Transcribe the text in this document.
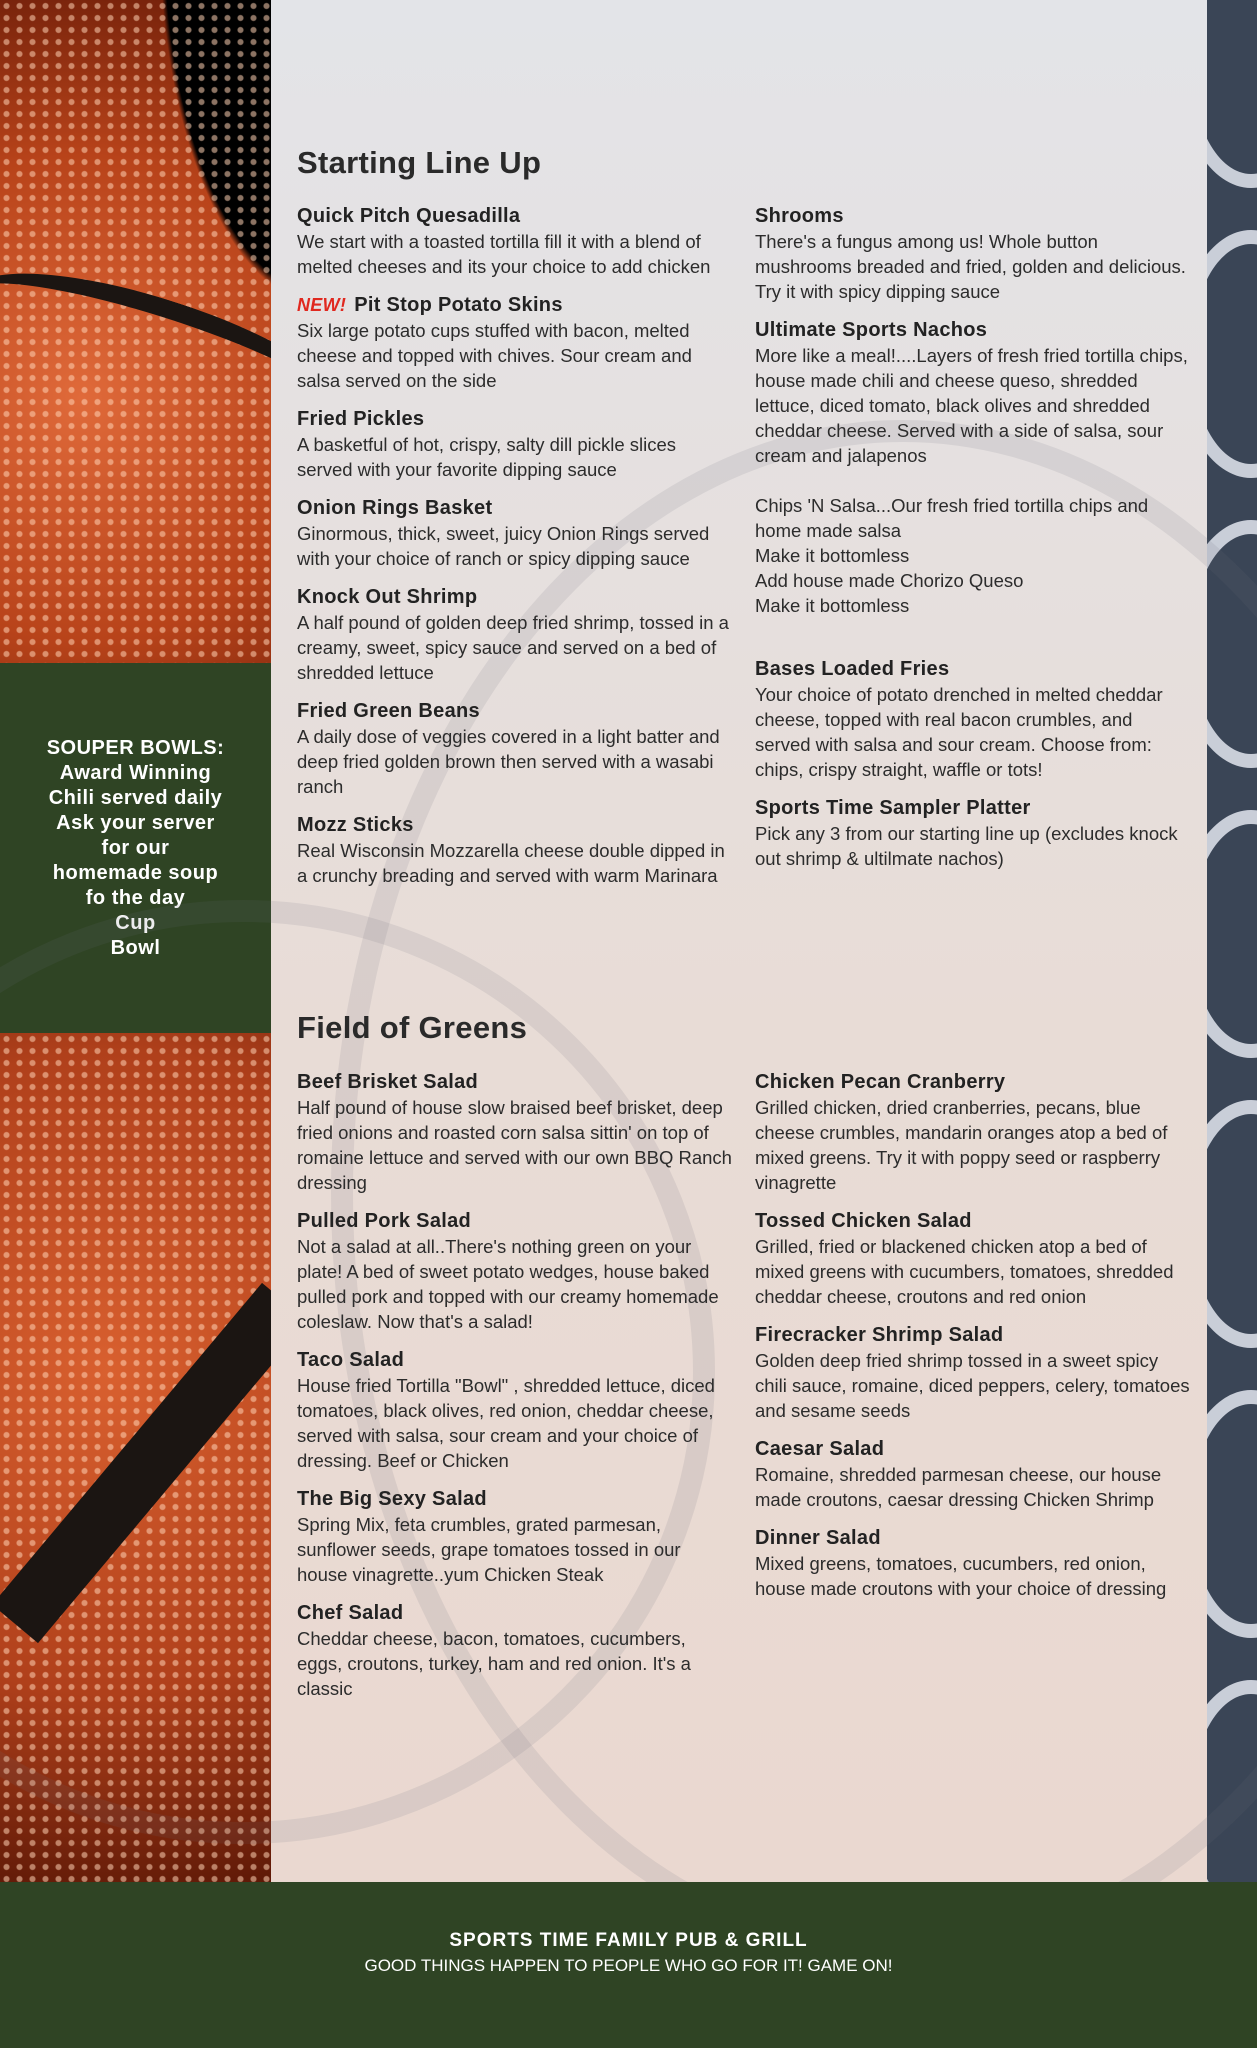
SOUPER BOWLS:
Award Winning
Chili served daily
Ask your server
for our
homemade soup
fo the day
Cup
Bowl
Starting Line Up
Quick Pitch Quesadilla
We start with a toasted tortilla fill it with a blend of melted cheeses and its your choice to add chicken
NEW! Pit Stop Potato Skins
Six large potato cups stuffed with bacon, melted cheese and topped with chives. Sour cream and salsa served on the side
Fried Pickles
A basketful of hot, crispy, salty dill pickle slices served with your favorite dipping sauce
Onion Rings Basket
Ginormous, thick, sweet, juicy Onion Rings served with your choice of ranch or spicy dipping sauce
Knock Out Shrimp
A half pound of golden deep fried shrimp, tossed in a creamy, sweet, spicy sauce and served on a bed of shredded lettuce
Fried Green Beans
A daily dose of veggies covered in a light batter and deep fried golden brown then served with a wasabi ranch
Mozz Sticks
Real Wisconsin Mozzarella cheese double dipped in a crunchy breading and served with warm Marinara
Shrooms
There's a fungus among us! Whole button mushrooms breaded and fried, golden and delicious. Try it with spicy dipping sauce
Ultimate Sports Nachos
More like a meal!....Layers of fresh fried tortilla chips, house made chili and cheese queso, shredded lettuce, diced tomato, black olives and shredded cheddar cheese. Served with a side of salsa, sour cream and jalapenos
Chips 'N Salsa...Our fresh fried tortilla chips and home made salsa
Make it bottomless
Add house made Chorizo Queso
Make it bottomless
Bases Loaded Fries
Your choice of potato drenched in melted cheddar cheese, topped with real bacon crumbles, and served with salsa and sour cream. Choose from: chips, crispy straight, waffle or tots!
Sports Time Sampler Platter
Pick any 3 from our starting line up (excludes knock out shrimp & ultilmate nachos)
Field of Greens
Beef Brisket Salad
Half pound of house slow braised beef brisket, deep fried onions and roasted corn salsa sittin' on top of romaine lettuce and served with our own BBQ Ranch dressing
Pulled Pork Salad
Not a salad at all..There's nothing green on your plate! A bed of sweet potato wedges, house baked pulled pork and topped with our creamy homemade coleslaw. Now that's a salad!
Taco Salad
House fried Tortilla "Bowl" , shredded lettuce, diced tomatoes, black olives, red onion, cheddar cheese, served with salsa, sour cream and your choice of dressing. Beef or Chicken
The Big Sexy Salad
Spring Mix, feta crumbles, grated parmesan, sunflower seeds, grape tomatoes tossed in our house vinagrette..yum Chicken Steak
Chef Salad
Cheddar cheese, bacon, tomatoes, cucumbers, eggs, croutons, turkey, ham and red onion. It's a classic
Chicken Pecan Cranberry
Grilled chicken, dried cranberries, pecans, blue cheese crumbles, mandarin oranges atop a bed of mixed greens. Try it with poppy seed or raspberry vinagrette
Tossed Chicken Salad
Grilled, fried or blackened chicken atop a bed of mixed greens with cucumbers, tomatoes, shredded cheddar cheese, croutons and red onion
Firecracker Shrimp Salad
Golden deep fried shrimp tossed in a sweet spicy chili sauce, romaine, diced peppers, celery, tomatoes and sesame seeds
Caesar Salad
Romaine, shredded parmesan cheese, our house made croutons, caesar dressing Chicken Shrimp
Dinner Salad
Mixed greens, tomatoes, cucumbers, red onion, house made croutons with your choice of dressing
SPORTS TIME FAMILY PUB & GRILL
GOOD THINGS HAPPEN TO PEOPLE WHO GO FOR IT! GAME ON!
